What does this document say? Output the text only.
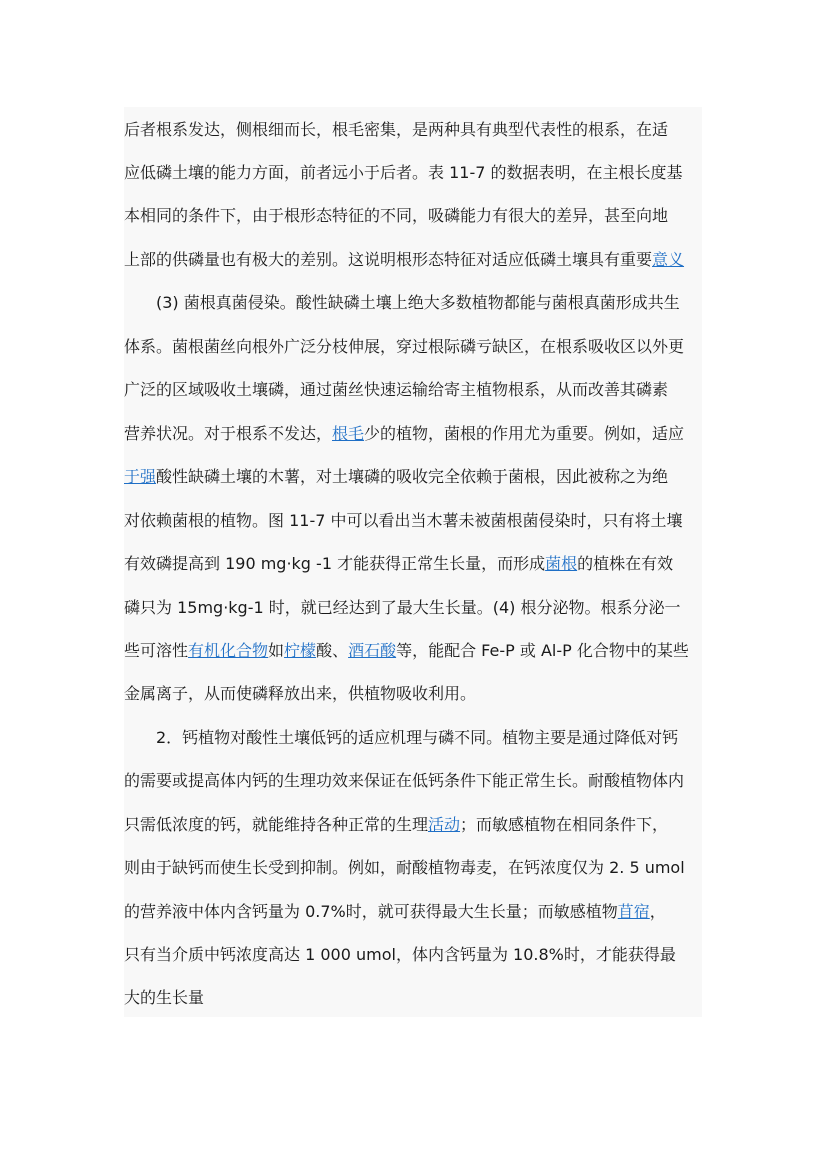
后者根系发达，侧根细而长，根毛密集，是两种具有典型代表性的根系，在适
应低磷土壤的能力方面，前者远小于后者。表 11-7 的数据表明，在主根长度基
本相同的条件下，由于根形态特征的不同，吸磷能力有很大的差异，甚至向地
上部的供磷量也有极大的差别。这说明根形态特征对适应低磷土壤具有重要意义
(3) 菌根真菌侵染。酸性缺磷土壤上绝大多数植物都能与菌根真菌形成共生
体系。菌根菌丝向根外广泛分枝伸展，穿过根际磷亏缺区，在根系吸收区以外更
广泛的区域吸收土壤磷，通过菌丝快速运输给寄主植物根系，从而改善其磷素
营养状况。对于根系不发达，根毛少的植物，菌根的作用尤为重要。例如，适应
于强酸性缺磷土壤的木薯，对土壤磷的吸收完全依赖于菌根，因此被称之为绝
对依赖菌根的植物。图 11-7 中可以看出当木薯未被菌根菌侵染时，只有将土壤
有效磷提高到 190 mg·kg -1 才能获得正常生长量，而形成菌根的植株在有效
磷只为 15mg·kg-1 时，就已经达到了最大生长量。(4) 根分泌物。根系分泌一
些可溶性有机化合物如柠檬酸、酒石酸等，能配合 Fe-P 或 Al-P 化合物中的某些
金属离子，从而使磷释放出来，供植物吸收利用。
2．钙植物对酸性土壤低钙的适应机理与磷不同。植物主要是通过降低对钙
的需要或提高体内钙的生理功效来保证在低钙条件下能正常生长。耐酸植物体内
只需低浓度的钙，就能维持各种正常的生理活动；而敏感植物在相同条件下，
则由于缺钙而使生长受到抑制。例如，耐酸植物毒麦，在钙浓度仅为 2. 5 umol
的营养液中体内含钙量为 0.7%时，就可获得最大生长量；而敏感植物苜宿，
只有当介质中钙浓度高达 1 000 umol，体内含钙量为 10.8%时，才能获得最
大的生长量
